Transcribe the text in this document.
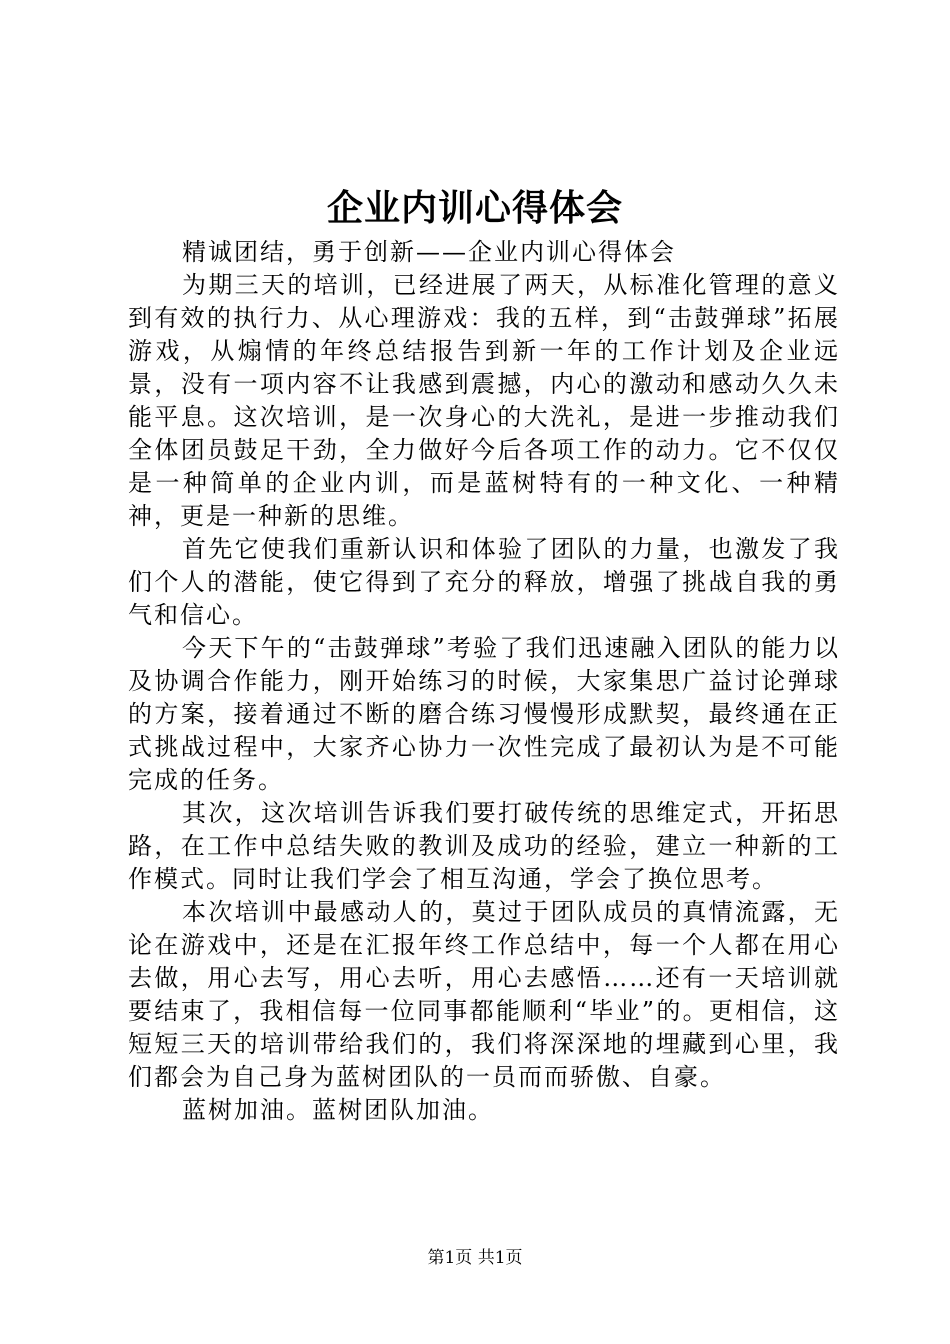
企业内训心得体会

精诚团结，勇于创新——企业内训心得体会

为期三天的培训，已经进展了两天，从标准化管理的意义到有效的执行力、从心理游戏：我的五样，到“击鼓弹球”拓展游戏，从煽情的年终总结报告到新一年的工作计划及企业远景，没有一项内容不让我感到震撼，内心的激动和感动久久未能平息。这次培训，是一次身心的大洗礼，是进一步推动我们全体团员鼓足干劲，全力做好今后各项工作的动力。它不仅仅是一种简单的企业内训，而是蓝树特有的一种文化、一种精神，更是一种新的思维。

首先它使我们重新认识和体验了团队的力量，也激发了我们个人的潜能，使它得到了充分的释放，增强了挑战自我的勇气和信心。

今天下午的“击鼓弹球”考验了我们迅速融入团队的能力以及协调合作能力，刚开始练习的时候，大家集思广益讨论弹球的方案，接着通过不断的磨合练习慢慢形成默契，最终通在正式挑战过程中，大家齐心协力一次性完成了最初认为是不可能完成的任务。

其次，这次培训告诉我们要打破传统的思维定式，开拓思路，在工作中总结失败的教训及成功的经验，建立一种新的工作模式。同时让我们学会了相互沟通，学会了换位思考。

本次培训中最感动人的，莫过于团队成员的真情流露，无论在游戏中，还是在汇报年终工作总结中，每一个人都在用心去做，用心去写，用心去听，用心去感悟……还有一天培训就要结束了，我相信每一位同事都能顺利“毕业”的。更相信，这短短三天的培训带给我们的，我们将深深地的埋藏到心里，我们都会为自己身为蓝树团队的一员而而骄傲、自豪。

蓝树加油。蓝树团队加油。

第1页 共1页
